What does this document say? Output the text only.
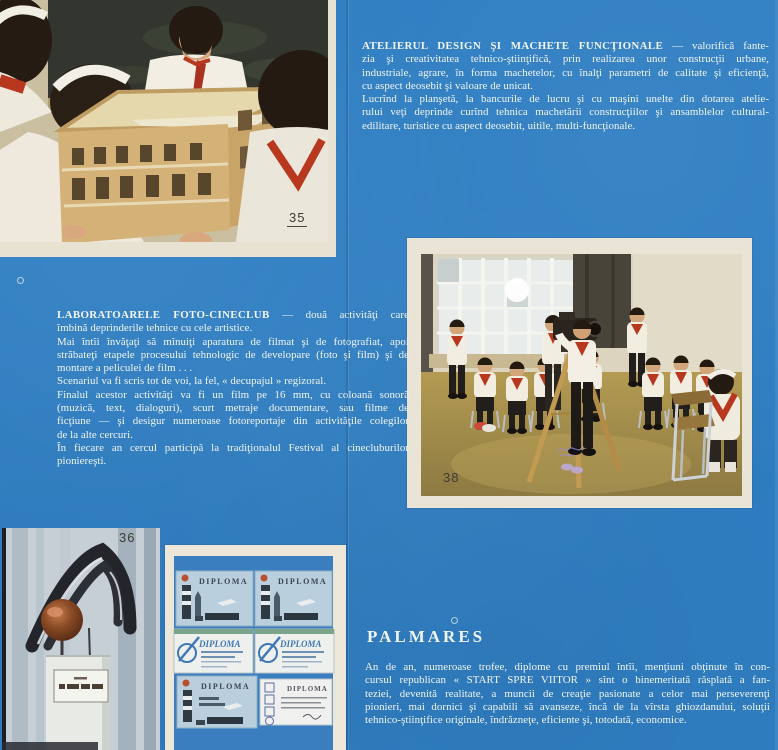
35
38
36
DIPLOMA	DIPLOMA
DIPLOMA	DIPLOMA
DIPLOMA	DIPLOMA
ATELIERUL DESIGN ŞI MACHETE FUNCŢIONALE — valorifică fante-
zia şi creativitatea tehnico-ştiinţifică, prin realizarea unor construcţii urbane,
industriale, agrare, în forma machetelor, cu înalţi parametri de calitate şi eficienţă,
cu aspect deosebit şi valoare de unicat.
Lucrînd la planşetă, la bancurile de lucru şi cu maşini unelte din dotarea atelie-
rului veţi deprinde curînd tehnica machetării construcţiilor şi ansamblelor cultural-
edilitare, turistice cu aspect deosebit, uitile, multi-funcţionale.
LABORATOARELE FOTO-CINECLUB — două activităţi care
îmbină deprinderile tehnice cu cele artistice.
Mai întîi învăţaţi să mînuiţi aparatura de filmat şi de fotografiat, apoi
străbateţi etapele procesului tehnologic de developare (foto şi film) şi de
montare a peliculei de film . . .
Scenariul va fi scris tot de voi, la fel, « decupajul » regizoral.
Finalul acestor activităţi va fi un film pe 16 mm, cu coloană sonoră
(muzică, text, dialoguri), scurt metraje documentare, sau filme de
ficţiune — şi desigur numeroase fotoreportaje din activităţile colegilor
de la alte cercuri.
În fiecare an cercul participă la tradiţionalul Festival al cinecluburilor
pioniereşti.
PALMARES
An de an, numeroase trofee, diplome cu premiul întîi, menţiuni obţinute în con-
cursul republican « START SPRE VIITOR » sînt o binemeritată răsplată a fan-
teziei, devenită realitate, a muncii de creaţie pasionate a celor mai perseverenţi
pionieri, mai dornici şi capabili să avanseze, încă de la vîrsta ghiozdanului, soluţii
tehnico-ştiinţifice originale, îndrăzneţe, eficiente şi, totodată, economice.
